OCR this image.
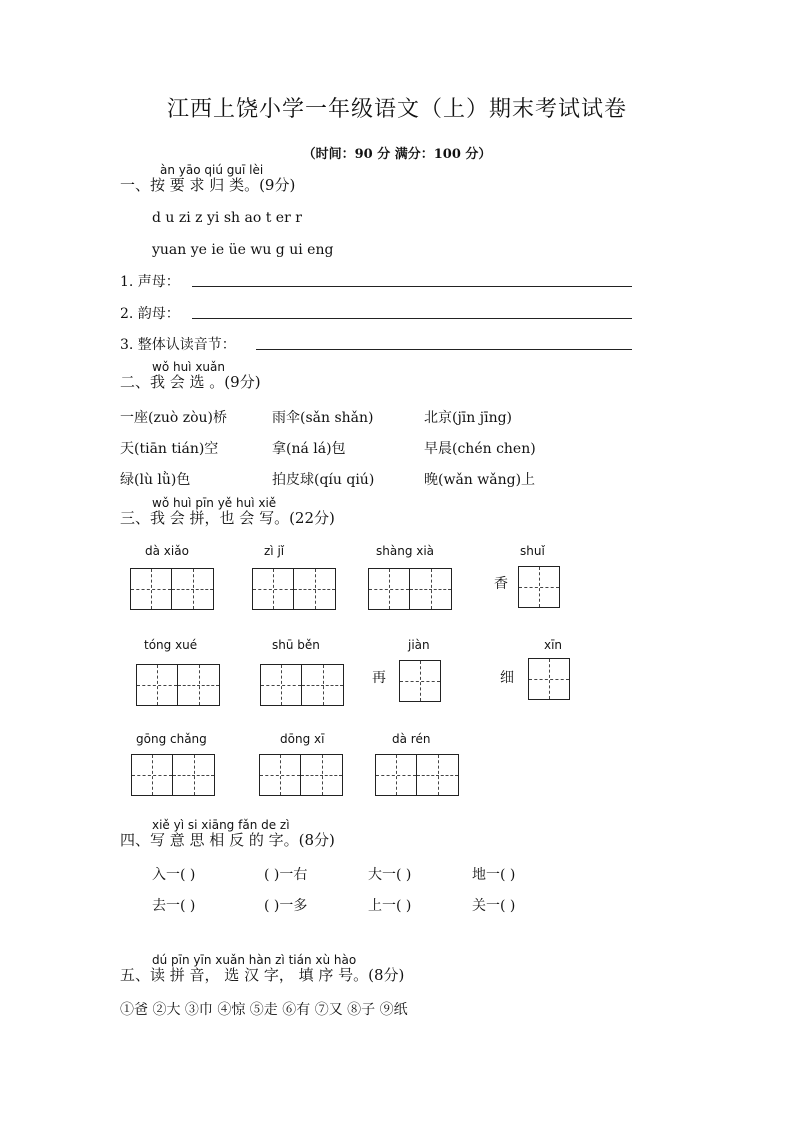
江西上饶小学一年级语文（上）期末考试试卷
（时间：90 分 满分：100 分）
àn yāo qiú guī lèi
一、按 要 求 归 类。(9分)
d u zi z yi sh ao t er r
yuan ye ie üe wu g ui eng
1. 声母：
2. 韵母：
3. 整体认读音节：
wǒ huì xuǎn
二、我 会 选 。(9分)
一座(zuò zòu)桥	雨伞(sǎn shǎn)	北京(jīn jīng)
天(tiān tián)空	拿(ná lá)包	早晨(chén chen)
绿(lù lǜ)色	拍皮球(qíu qiú)	晚(wǎn wǎng)上
wǒ huì pīn yě huì xiě
三、我 会 拼，也 会 写。(22分)
dà xiǎo	zì jǐ	shàng xià	shuǐ
香
tóng xué	shū běn	jiàn
再
xīn
细
gōng chǎng	dōng xī	dà rén
xiě yì si xiāng fǎn de zì
四、写 意 思 相 反 的 字。(8分)
入一( )	( )一右	大一( )	地一( )
去一( )	( )一多	上一( )	关一( )
dú pīn yīn xuǎn hàn zì tián xù hào
五、读 拼 音， 选 汉 字， 填 序 号。(8分)
①爸 ②大 ③巾 ④惊 ⑤走 ⑥有 ⑦又 ⑧子 ⑨纸
